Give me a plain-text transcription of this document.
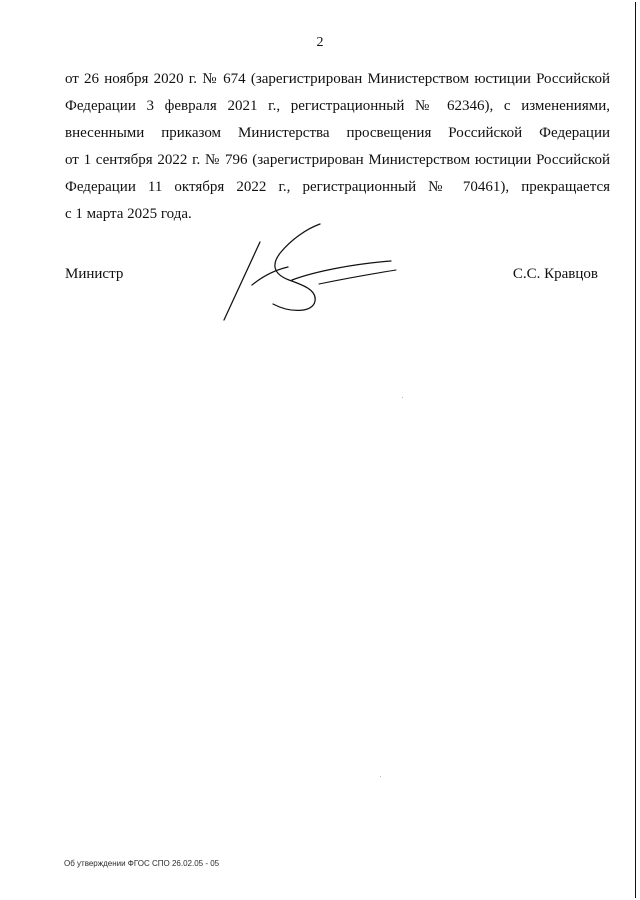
2
от 26 ноября 2020 г. № 674 (зарегистрирован Министерством юстиции Российской
Федерации 3 февраля 2021 г., регистрационный № 62346), с изменениями,
внесенными приказом Министерства просвещения Российской Федерации
от 1 сентября 2022 г. № 796 (зарегистрирован Министерством юстиции Российской
Федерации 11 октября 2022 г., регистрационный № 70461), прекращается
с 1 марта 2025 года.
Министр	С.С. Кравцов
Об утверждении ФГОС СПО 26.02.05 - 05
